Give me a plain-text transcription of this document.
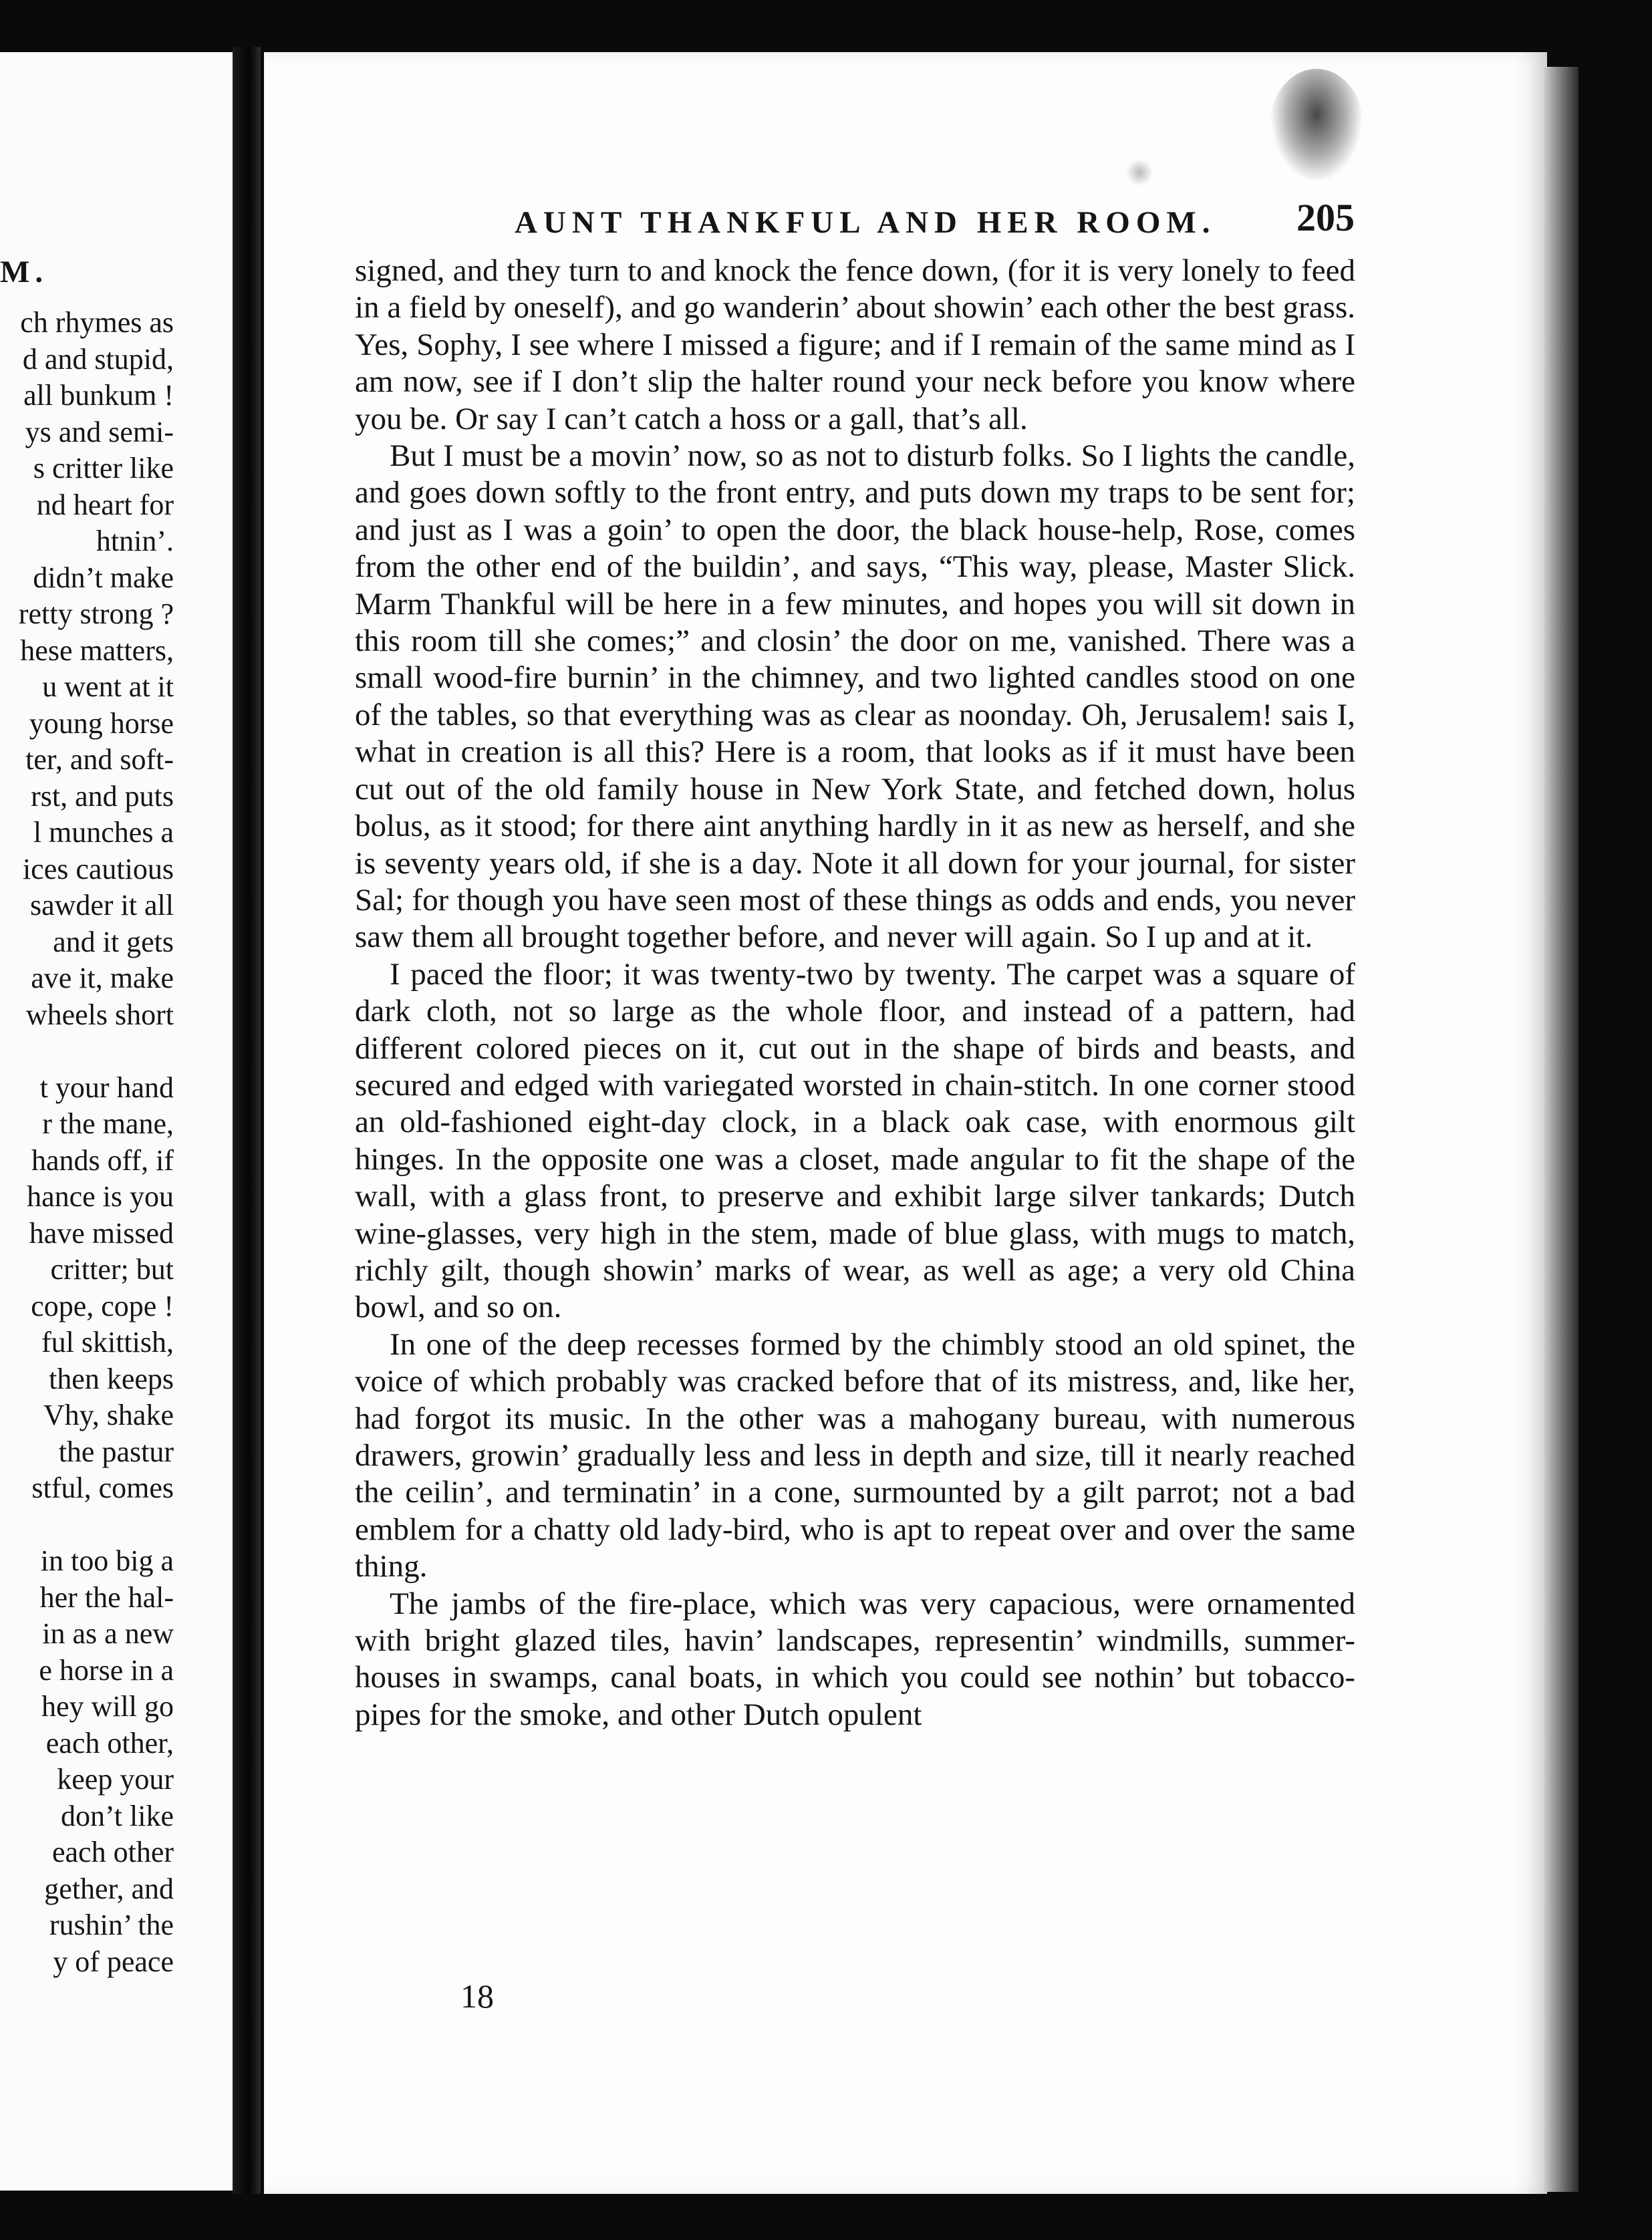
M.
ch rhymes as
d and stupid,
all bunkum !
ys and semi-
s critter like
nd heart for
htnin’.
didn’t make
retty strong ?
hese matters,
u went at it
young horse
ter, and soft-
rst, and puts
l munches a
ices cautious
sawder it all
and it gets
ave it, make
wheels short
t your hand
r the mane,
hands off, if
hance is you
have missed
critter; but
cope, cope !
ful skittish,
then keeps
Vhy, shake
the pastur
stful, comes
in too big a
her the hal-
in as a new
e horse in a
hey will go
each other,
keep your
don’t like
each other
gether, and
rushin’ the
y of peace
AUNT THANKFUL AND HER ROOM. 205

signed, and they turn to and knock the fence down, (for it is very lonely to feed in a field by oneself), and go wanderin’ about showin’ each other the best grass. Yes, Sophy, I see where I missed a figure; and if I remain of the same mind as I am now, see if I don’t slip the halter round your neck before you know where you be. Or say I can’t catch a hoss or a gall, that’s all.

But I must be a movin’ now, so as not to disturb folks. So I lights the candle, and goes down softly to the front entry, and puts down my traps to be sent for; and just as I was a goin’ to open the door, the black house-help, Rose, comes from the other end of the buildin’, and says, “This way, please, Master Slick. Marm Thankful will be here in a few minutes, and hopes you will sit down in this room till she comes;” and closin’ the door on me, vanished. There was a small wood-fire burnin’ in the chimney, and two lighted candles stood on one of the tables, so that everything was as clear as noonday. Oh, Jerusalem! sais I, what in creation is all this? Here is a room, that looks as if it must have been cut out of the old family house in New York State, and fetched down, holus bolus, as it stood; for there aint anything hardly in it as new as herself, and she is seventy years old, if she is a day. Note it all down for your journal, for sister Sal; for though you have seen most of these things as odds and ends, you never saw them all brought together before, and never will again. So I up and at it.

I paced the floor; it was twenty-two by twenty. The carpet was a square of dark cloth, not so large as the whole floor, and instead of a pattern, had different colored pieces on it, cut out in the shape of birds and beasts, and secured and edged with variegated worsted in chain-stitch. In one corner stood an old-fashioned eight-day clock, in a black oak case, with enormous gilt hinges. In the opposite one was a closet, made angular to fit the shape of the wall, with a glass front, to preserve and exhibit large silver tankards; Dutch wine-glasses, very high in the stem, made of blue glass, with mugs to match, richly gilt, though showin’ marks of wear, as well as age; a very old China bowl, and so on.

In one of the deep recesses formed by the chimbly stood an old spinet, the voice of which probably was cracked before that of its mistress, and, like her, had forgot its music. In the other was a mahogany bureau, with numerous drawers, growin’ gradually less and less in depth and size, till it nearly reached the ceilin’, and terminatin’ in a cone, surmounted by a gilt parrot; not a bad emblem for a chatty old lady-bird, who is apt to repeat over and over the same thing.

The jambs of the fire-place, which was very capacious, were ornamented with bright glazed tiles, havin’ landscapes, representin’ windmills, summer-houses in swamps, canal boats, in which you could see nothin’ but tobacco-pipes for the smoke, and other Dutch opulent

18
